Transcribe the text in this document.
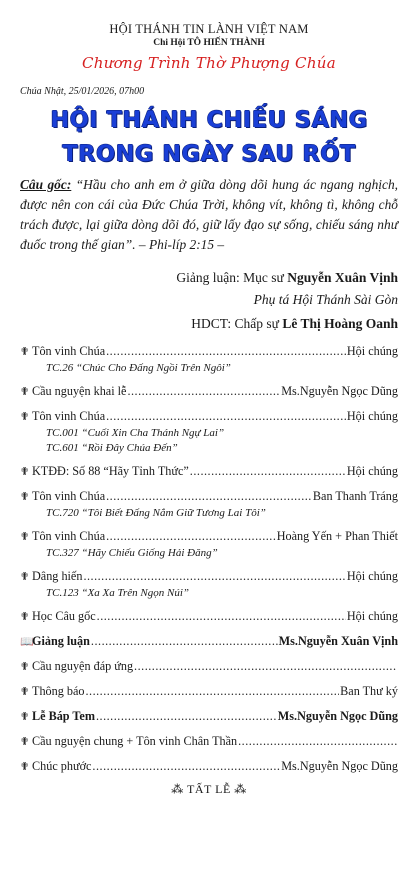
HỘI THÁNH TIN LÀNH VIỆT NAM
Chi Hội TÔ HIẾN THÀNH
Chương Trình Thờ Phượng Chúa
Chúa Nhật, 25/01/2026, 07h00
HỘI THÁNH CHIẾU SÁNG
TRONG NGÀY SAU RỐT
Câu gốc: “Hầu cho anh em ở giữa dòng dõi hung ác ngang nghịch, được nên con cái của Đức Chúa Trời, không vít, không tì, không chỗ trách được, lại giữa dòng dõi đó, giữ lấy đạo sự sống, chiếu sáng như đuốc trong thế gian”. – Phi-líp 2:15 –
Giảng luận: Mục sư Nguyễn Xuân Vịnh
Phụ tá Hội Thánh Sài Gòn
HDCT: Chấp sự Lê Thị Hoàng Oanh
✟ Tôn vinh Chúa .....	Hội chúng
TC.26 “Chúc Cho Đấng Ngồi Trên Ngôi”
✟ Cầu nguyện khai lễ .....	Ms.Nguyễn Ngọc Dũng
✟ Tôn vinh Chúa .....	Hội chúng
TC.001 “Cuối Xin Cha Thánh Ngự Lai”
TC.601 “Rồi Đây Chúa Đến”
✟ KTĐĐ: Số 88 “Hãy Tỉnh Thức” .....	Hội chúng
✟ Tôn vinh Chúa .....	Ban Thanh Tráng
TC.720 “Tôi Biết Đấng Nắm Giữ Tương Lai Tôi”
✟ Tôn vinh Chúa .....	Hoàng Yến + Phan Thiết
TC.327 “Hãy Chiếu Giống Hải Đăng”
✟ Dâng hiến .....	Hội chúng
TC.123 “Xa Xa Trên Ngọn Núi”
✟ Học Câu gốc .....	Hội chúng
📖
Giảng luận .....	Ms.Nguyễn Xuân Vịnh
✟ Cầu nguyện đáp ứng
.....
✟ Thông báo .....	Ban Thư ký
✟ Lễ Báp Tem .....	Ms.Nguyễn Ngọc Dũng
✟ Cầu nguyện chung + Tôn vinh Chân Thần
.....
✟ Chúc phước .....	Ms.Nguyễn Ngọc Dũng
⁂ TẤT LỄ ⁂
